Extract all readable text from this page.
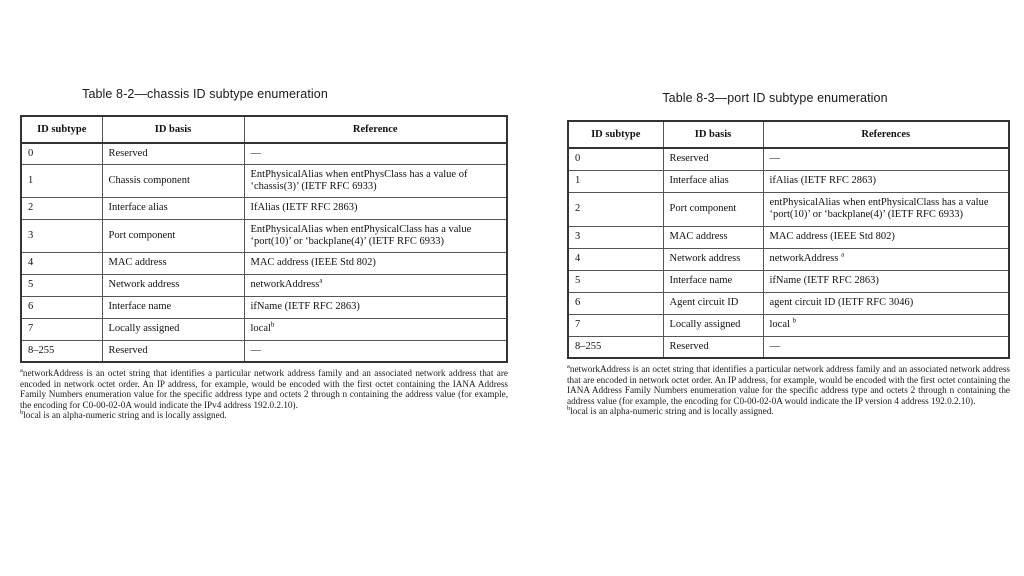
Table 8-2—chassis ID subtype enumeration
ID subtype	ID basis	Reference
0	Reserved	—
1	Chassis component	EntPhysicalAlias when entPhysClass has a value of ‘chassis(3)’ (IETF RFC 6933)
2	Interface alias	IfAlias (IETF RFC 2863)
3	Port component	EntPhysicalAlias when entPhysicalClass has a value ‘port(10)’ or ‘backplane(4)’ (IETF RFC 6933)
4	MAC address	MAC address (IEEE Std 802)
5	Network address	networkAddress$^a$
6	Interface name	ifName (IETF RFC 2863)
7	Locally assigned	local$^b$
8–255	Reserved	—
$^a$networkAddress is an octet string that identifies a particular network address family and an associated network address that are encoded in network octet order. An IP address, for example, would be encoded with the first octet containing the IANA Address Family Numbers enumeration value for the specific address type and octets 2 through n containing the address value (for example, the encoding for C0-00-02-0A would indicate the IPv4 address 192.0.2.10).
$^b$local is an alpha-numeric string and is locally assigned.
Table 8-3—port ID subtype enumeration
ID subtype	ID basis	References
0	Reserved	—
1	Interface alias	ifAlias (IETF RFC 2863)
2	Port component	entPhysicalAlias when entPhysicalClass has a value ‘port(10)’ or ‘backplane(4)’ (IETF RFC 6933)
3	MAC address	MAC address (IEEE Std 802)
4	Network address	networkAddress $^a$
5	Interface name	ifName (IETF RFC 2863)
6	Agent circuit ID	agent circuit ID (IETF RFC 3046)
7	Locally assigned	local $^b$
8–255	Reserved	—
$^a$networkAddress is an octet string that identifies a particular network address family and an associated network address that are encoded in network octet order. An IP address, for example, would be encoded with the first octet containing the IANA Address Family Numbers enumeration value for the specific address type and octets 2 through n containing the address value (for example, the encoding for C0-00-02-0A would indicate the IP version 4 address 192.0.2.10).
$^b$local is an alpha-numeric string and is locally assigned.
